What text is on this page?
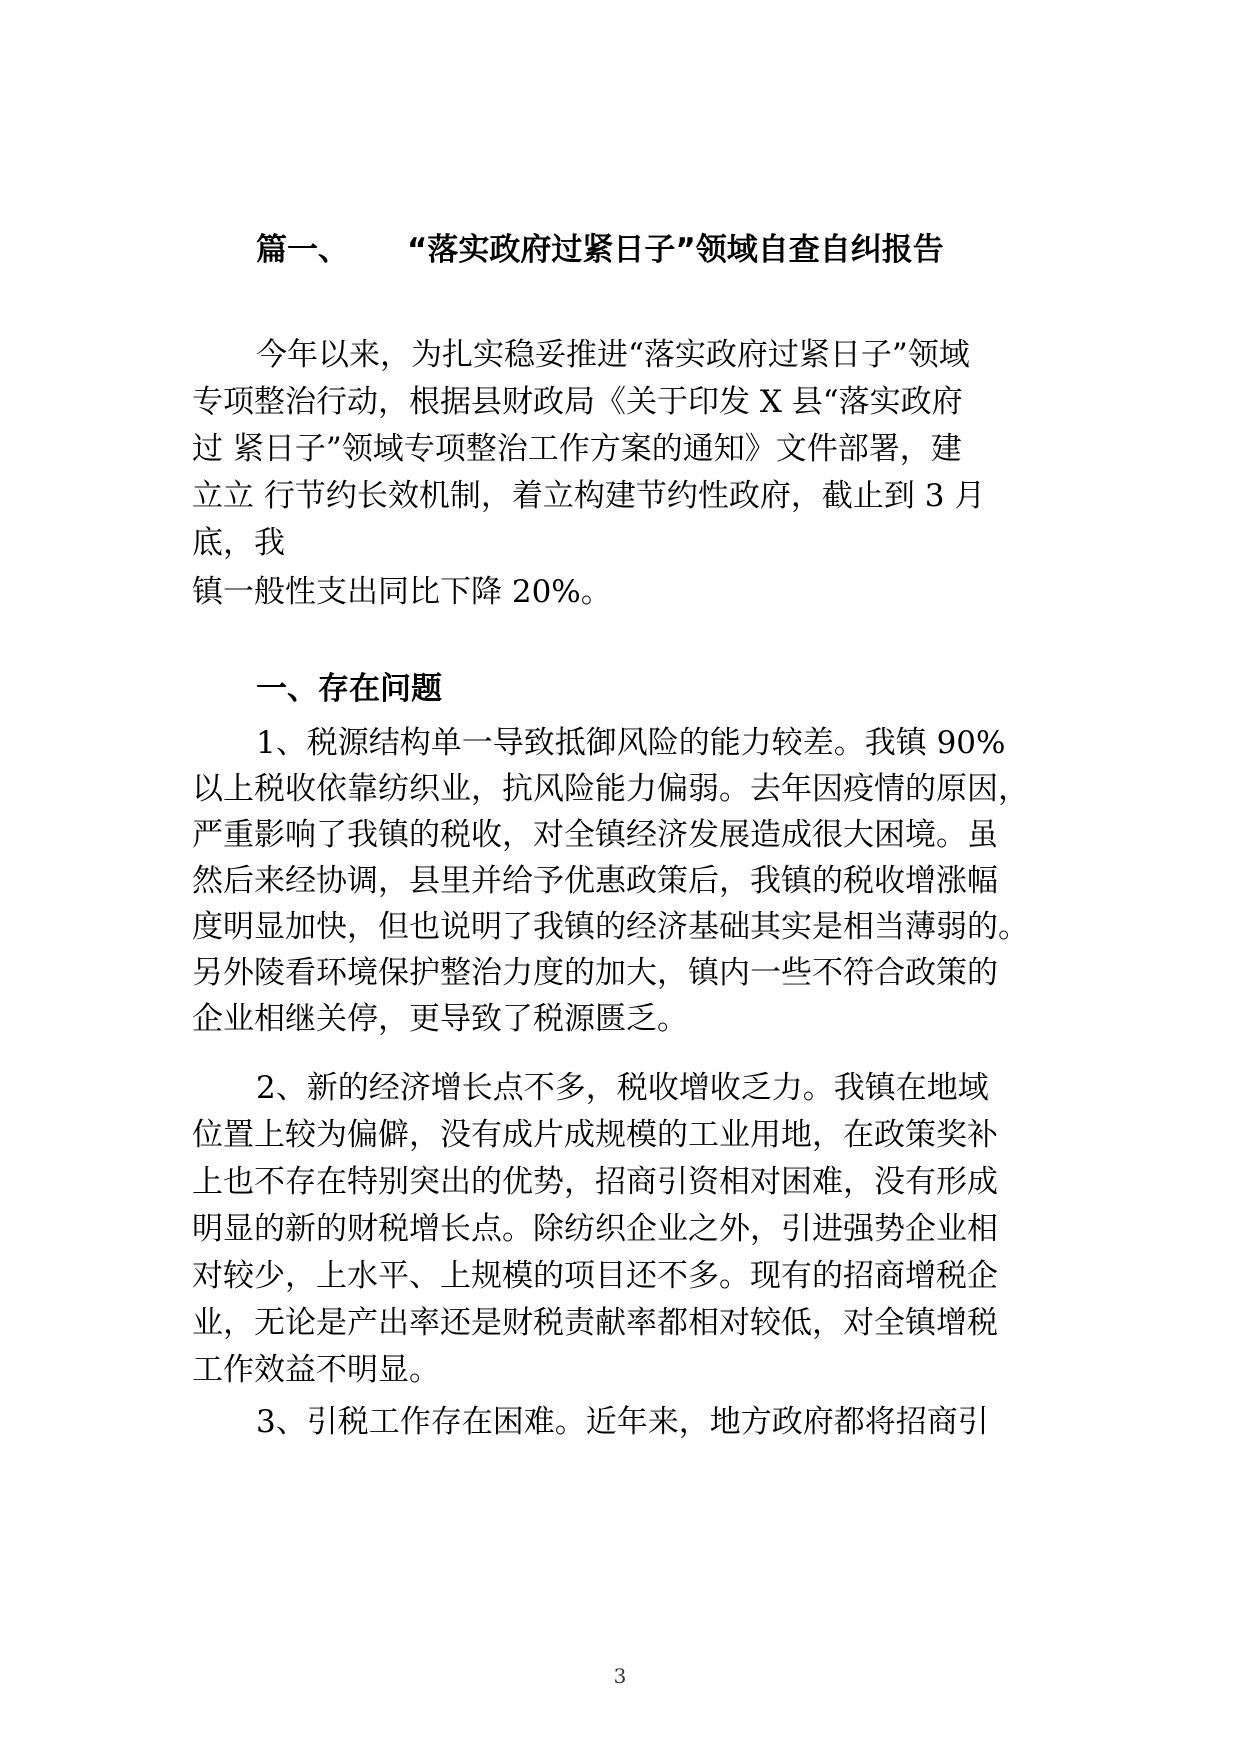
篇一、 “落实政府过紧日子”领域自查自纠报告

今年以来，为扎实稳妥推进“落实政府过紧日子”领域

专项整治行动，根据县财政局《关于印发 X 县“落实政府

过 紧日子”领域专项整治工作方案的通知》文件部署，建

立立 行节约长效机制，着立构建节约性政府，截止到 3 月

底，我

镇一般性支出同比下降 20%。

一、存在问题

1、税源结构单一导致抵御风险的能力较差。我镇 90%

以上税收依靠纺织业，抗风险能力偏弱。去年因疫情的原因，

严重影响了我镇的税收，对全镇经济发展造成很大困境。虽

然后来经协调，县里并给予优惠政策后，我镇的税收增涨幅

度明显加快，但也说明了我镇的经济基础其实是相当薄弱的。

另外陵看环境保护整治力度的加大，镇内一些不符合政策的

企业相继关停，更导致了税源匮乏。

2、新的经济增长点不多，税收增收乏力。我镇在地域

位置上较为偏僻，没有成片成规模的工业用地，在政策奖补

上也不存在特别突出的优势，招商引资相对困难，没有形成

明显的新的财税增长点。除纺织企业之外，引进强势企业相

对较少，上水平、上规模的项目还不多。现有的招商增税企

业，无论是产出率还是财税责献率都相对较低，对全镇增税

工作效益不明显。

3、引税工作存在困难。近年来，地方政府都将招商引

3
